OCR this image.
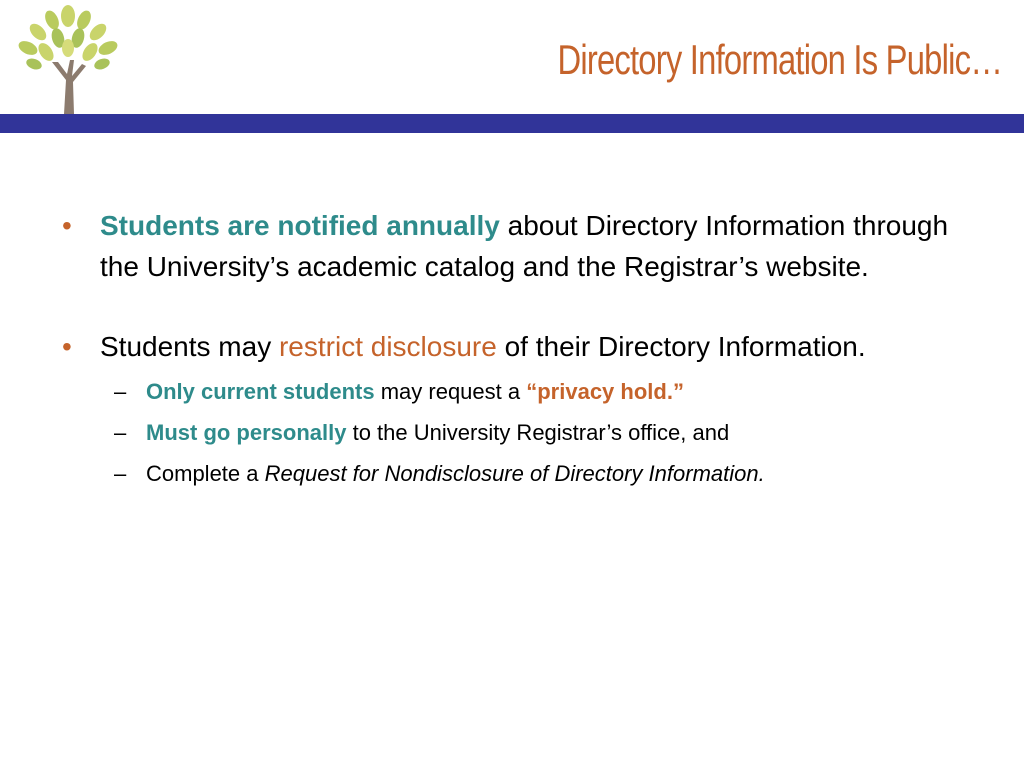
Directory Information Is Public…
• Students are notified annually about Directory Information through the University’s academic catalog and the Registrar’s website.
• Students may restrict disclosure of their Directory Information.
– Only current students may request a “privacy hold.”
– Must go personally to the University Registrar’s office, and
– Complete a Request for Nondisclosure of Directory Information.
